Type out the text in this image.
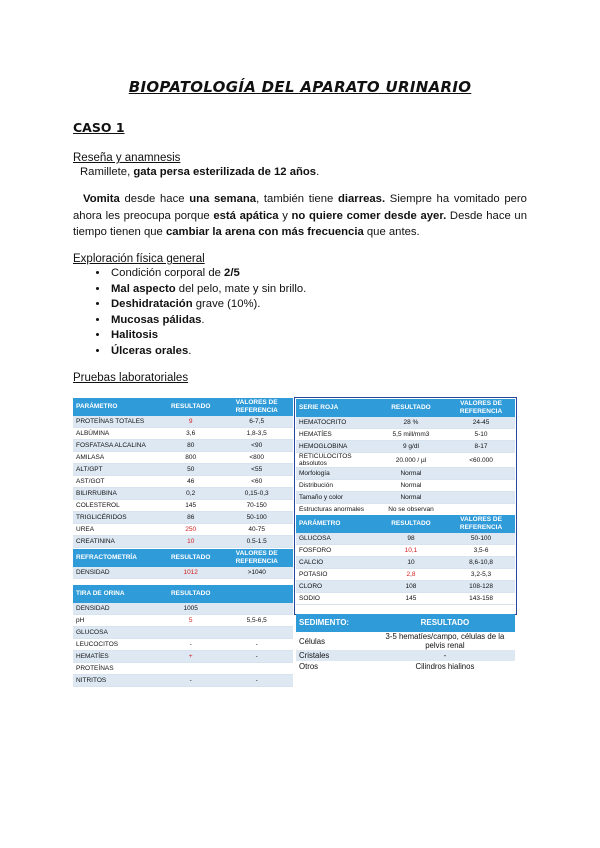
BIOPATOLOGÍA DEL APARATO URINARIO
CASO 1
Reseña y anamnesis
Ramillete, gata persa esterilizada de 12 años.
Vomita desde hace una semana, también tiene diarreas. Siempre ha vomitado pero ahora les preocupa porque está apática y no quiere comer desde ayer. Desde hace un tiempo tienen que cambiar la arena con más frecuencia que antes.
Exploración física general
• Condición corporal de 2/5
• Mal aspecto del pelo, mate y sin brillo.
• Deshidratación grave (10%).
• Mucosas pálidas.
• Halitosis
• Úlceras orales.
Pruebas laboratoriales
PARÁMETRO	RESULTADO	VALORES DE REFERENCIA
PROTEÍNAS TOTALES	9	6-7,5
ALBÚMINA	3,6	1,8-3,5
FOSFATASA ALCALINA	80	<90
AMILASA	800	<800
ALT/GPT	50	<55
AST/GOT	46	<60
BILIRRUBINA	0,2	0,15-0,3
COLESTEROL	145	70-150
TRIGLICÉRIDOS	86	50-100
UREA	250	40-75
CREATININA	10	0.5-1.5
REFRACTOMETRÍA	RESULTADO	VALORES DE REFERENCIA
DENSIDAD	1012	>1040
TIRA DE ORINA	RESULTADO	
DENSIDAD	1005	
pH	5	5,5-6,5
GLUCOSA		
LEUCOCITOS	-	-
HEMATÍES	+	-
PROTEÍNAS		
NITRITOS	-	-
SERIE ROJA	RESULTADO	VALORES DE REFERENCIA
HEMATOCRITO	28 %	24-45
HEMATÍES	5,5 mill/mm3	5-10
HEMOGLOBINA	9 g/dl	8-17
RETICULOCITOS absolutos	20.000 / µl	<60.000
Morfología	Normal	
Distribución	Normal	
Tamaño y color	Normal	
Estructuras anormales	No se observan	
PARÁMETRO	RESULTADO	VALORES DE REFERENCIA
GLUCOSA	98	50-100
FOSFORO	10,1	3,5-6
CALCIO	10	8,6-10,8
POTASIO	2,8	3,2-5,3
CLORO	108	108-128
SODIO	145	143-158
SEDIMENTO:	RESULTADO
Células	3-5 hematíes/campo, células de la pelvis renal
Cristales	-
Otros	Cilindros hialinos
